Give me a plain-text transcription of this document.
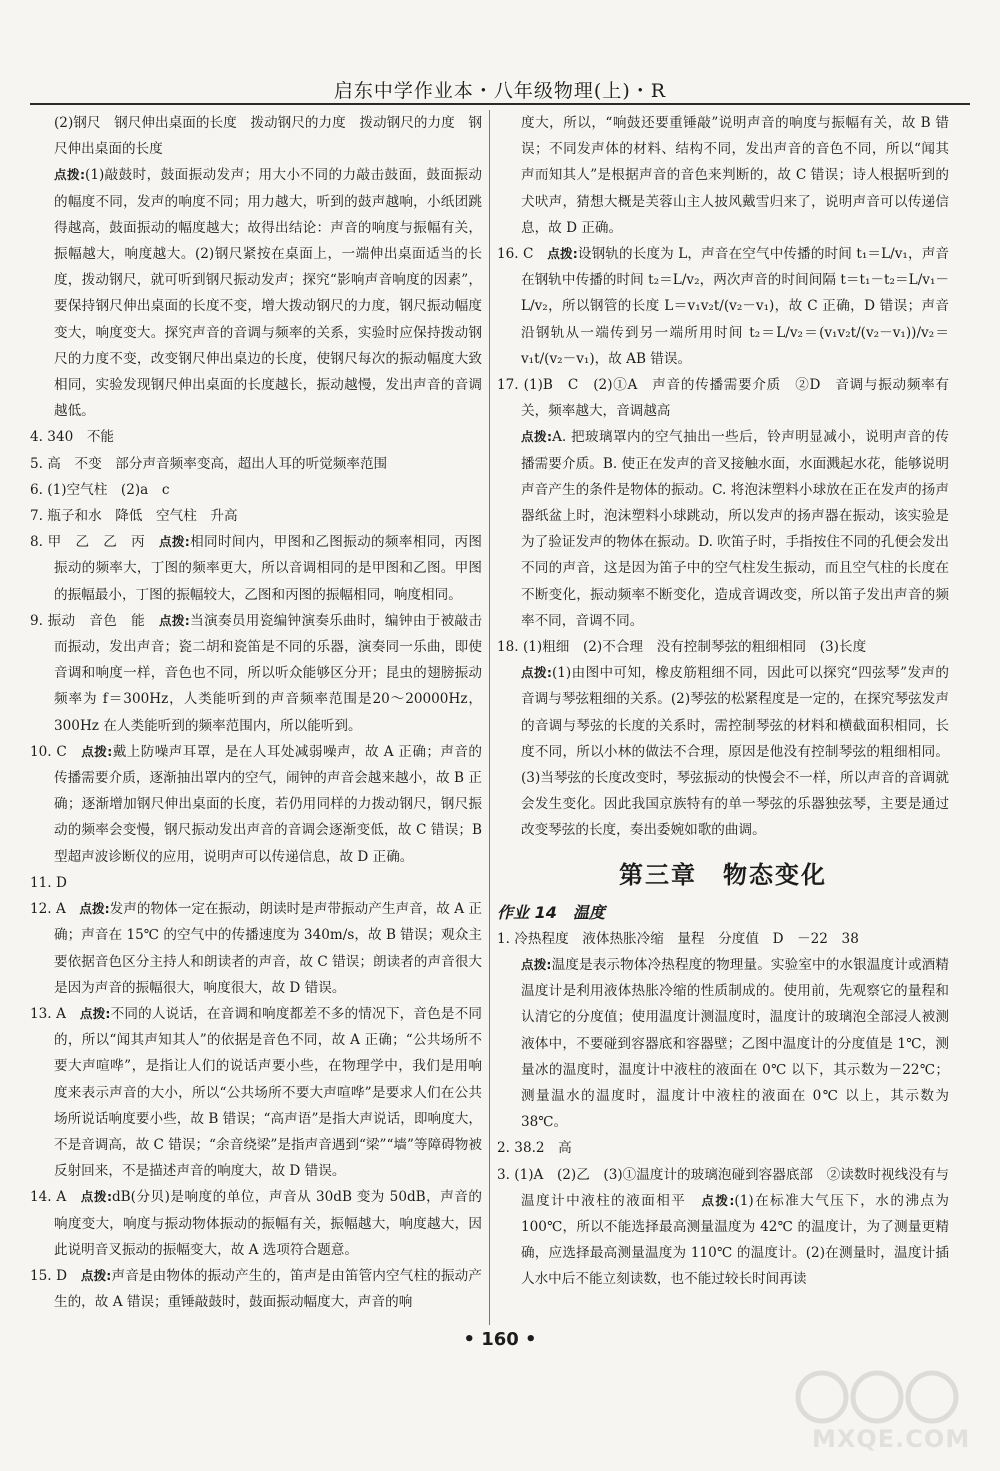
启东中学作业本・八年级物理(上)・R

(2)钢尺　钢尺伸出桌面的长度　拨动钢尺的力度　拨动钢尺的力度　钢尺伸出桌面的长度

点拨:(1)敲鼓时，鼓面振动发声；用大小不同的力敲击鼓面，鼓面振动的幅度不同，发声的响度不同；用力越大，听到的鼓声越响，小纸团跳得越高，鼓面振动的幅度越大；故得出结论：声音的响度与振幅有关，振幅越大，响度越大。(2)钢尺紧按在桌面上，一端伸出桌面适当的长度，拨动钢尺，就可听到钢尺振动发声；探究“影响声音响度的因素”，要保持钢尺伸出桌面的长度不变，增大拨动钢尺的力度，钢尺振动幅度变大，响度变大。探究声音的音调与频率的关系，实验时应保持拨动钢尺的力度不变，改变钢尺伸出桌边的长度，使钢尺每次的振动幅度大致相同，实验发现钢尺伸出桌面的长度越长，振动越慢，发出声音的音调越低。

4. 340　不能

5. 高　不变　部分声音频率变高，超出人耳的听觉频率范围

6. (1)空气柱　(2)a　c

7. 瓶子和水　降低　空气柱　升高

8. 甲　乙　乙　丙　点拨:相同时间内，甲图和乙图振动的频率相同，丙图振动的频率大，丁图的频率更大，所以音调相同的是甲图和乙图。甲图的振幅最小，丁图的振幅较大，乙图和丙图的振幅相同，响度相同。

9. 振动　音色　能　点拨:当演奏员用瓷编钟演奏乐曲时，编钟由于被敲击而振动，发出声音；瓷二胡和瓷笛是不同的乐器，演奏同一乐曲，即使音调和响度一样，音色也不同，所以听众能够区分开；昆虫的翅膀振动频率为 f＝300Hz，人类能听到的声音频率范围是20～20000Hz，300Hz 在人类能听到的频率范围内，所以能听到。

10. C　点拨:戴上防噪声耳罩，是在人耳处减弱噪声，故 A 正确；声音的传播需要介质，逐渐抽出罩内的空气，闹钟的声音会越来越小，故 B 正确；逐渐增加钢尺伸出桌面的长度，若仍用同样的力拨动钢尺，钢尺振动的频率会变慢，钢尺振动发出声音的音调会逐渐变低，故 C 错误；B 型超声波诊断仪的应用，说明声可以传递信息，故 D 正确。

11. D

12. A　点拨:发声的物体一定在振动，朗读时是声带振动产生声音，故 A 正确；声音在 15℃ 的空气中的传播速度为 340m/s，故 B 错误；观众主要依据音色区分主持人和朗读者的声音，故 C 错误；朗读者的声音很大是因为声音的振幅很大，响度很大，故 D 错误。

13. A　点拨:不同的人说话，在音调和响度都差不多的情况下，音色是不同的，所以“闻其声知其人”的依据是音色不同，故 A 正确；“公共场所不要大声喧哗”，是指让人们的说话声要小些，在物理学中，我们是用响度来表示声音的大小，所以“公共场所不要大声喧哗”是要求人们在公共场所说话响度要小些，故 B 错误；“高声语”是指大声说话，即响度大，不是音调高，故 C 错误；“余音绕梁”是指声音遇到“梁”“墙”等障碍物被反射回来，不是描述声音的响度大，故 D 错误。

14. A　点拨:dB(分贝)是响度的单位，声音从 30dB 变为 50dB，声音的响度变大，响度与振动物体振动的振幅有关，振幅越大，响度越大，因此说明音叉振动的振幅变大，故 A 选项符合题意。

15. D　点拨:声音是由物体的振动产生的，笛声是由笛管内空气柱的振动产生的，故 A 错误；重锤敲鼓时，鼓面振动幅度大，声音的响

度大，所以，“响鼓还要重锤敲”说明声音的响度与振幅有关，故 B 错误；不同发声体的材料、结构不同，发出声音的音色不同，所以“闻其声而知其人”是根据声音的音色来判断的，故 C 错误；诗人根据听到的犬吠声，猜想大概是芙蓉山主人披风戴雪归来了，说明声音可以传递信息，故 D 正确。

16. C　点拨:设钢轨的长度为 L，声音在空气中传播的时间 t₁＝L/v₁，声音在钢轨中传播的时间 t₂＝L/v₂，两次声音的时间间隔 t＝t₁－t₂＝L/v₁－L/v₂，所以钢管的长度 L＝v₁v₂t/(v₂－v₁)，故 C 正确，D 错误；声音沿钢轨从一端传到另一端所用时间 t₂＝L/v₂＝(v₁v₂t/(v₂－v₁))/v₂＝v₁t/(v₂－v₁)，故 AB 错误。

17. (1)B　C　(2)①A　声音的传播需要介质　②D　音调与振动频率有关，频率越大，音调越高

点拨:A. 把玻璃罩内的空气抽出一些后，铃声明显减小，说明声音的传播需要介质。B. 使正在发声的音叉接触水面，水面溅起水花，能够说明声音产生的条件是物体的振动。C. 将泡沫塑料小球放在正在发声的扬声器纸盆上时，泡沫塑料小球跳动，所以发声的扬声器在振动，该实验是为了验证发声的物体在振动。D. 吹笛子时，手指按住不同的孔便会发出不同的声音，这是因为笛子中的空气柱发生振动，而且空气柱的长度在不断变化，振动频率不断变化，造成音调改变，所以笛子发出声音的频率不同，音调不同。

18. (1)粗细　(2)不合理　没有控制琴弦的粗细相同　(3)长度

点拨:(1)由图中可知，橡皮筋粗细不同，因此可以探究“四弦琴”发声的音调与琴弦粗细的关系。(2)琴弦的松紧程度是一定的，在探究琴弦发声的音调与琴弦的长度的关系时，需控制琴弦的材料和横截面积相同，长度不同，所以小林的做法不合理，原因是他没有控制琴弦的粗细相同。(3)当琴弦的长度改变时，琴弦振动的快慢会不一样，所以声音的音调就会发生变化。因此我国京族特有的单一琴弦的乐器独弦琴，主要是通过改变琴弦的长度，奏出委婉如歌的曲调。

第三章　物态变化
作业 14　温度

1. 冷热程度　液体热胀冷缩　量程　分度值　D　－22　38

点拨:温度是表示物体冷热程度的物理量。实验室中的水银温度计或酒精温度计是利用液体热胀冷缩的性质制成的。使用前，先观察它的量程和认清它的分度值；使用温度计测温度时，温度计的玻璃泡全部浸人被测液体中，不要碰到容器底和容器壁；乙图中温度计的分度值是 1℃，测量冰的温度时，温度计中液柱的液面在 0℃ 以下，其示数为－22℃；测量温水的温度时，温度计中液柱的液面在 0℃ 以上，其示数为 38℃。

2. 38.2　高

3. (1)A　(2)乙　(3)①温度计的玻璃泡碰到容器底部　②读数时视线没有与温度计中液柱的液面相平　点拨:(1)在标准大气压下，水的沸点为 100℃，所以不能选择最高测量温度为 42℃ 的温度计，为了测量更精确，应选择最高测量温度为 110℃ 的温度计。(2)在测量时，温度计插人水中后不能立刻读数，也不能过较长时间再读

• 160 •
MXQE.COM
